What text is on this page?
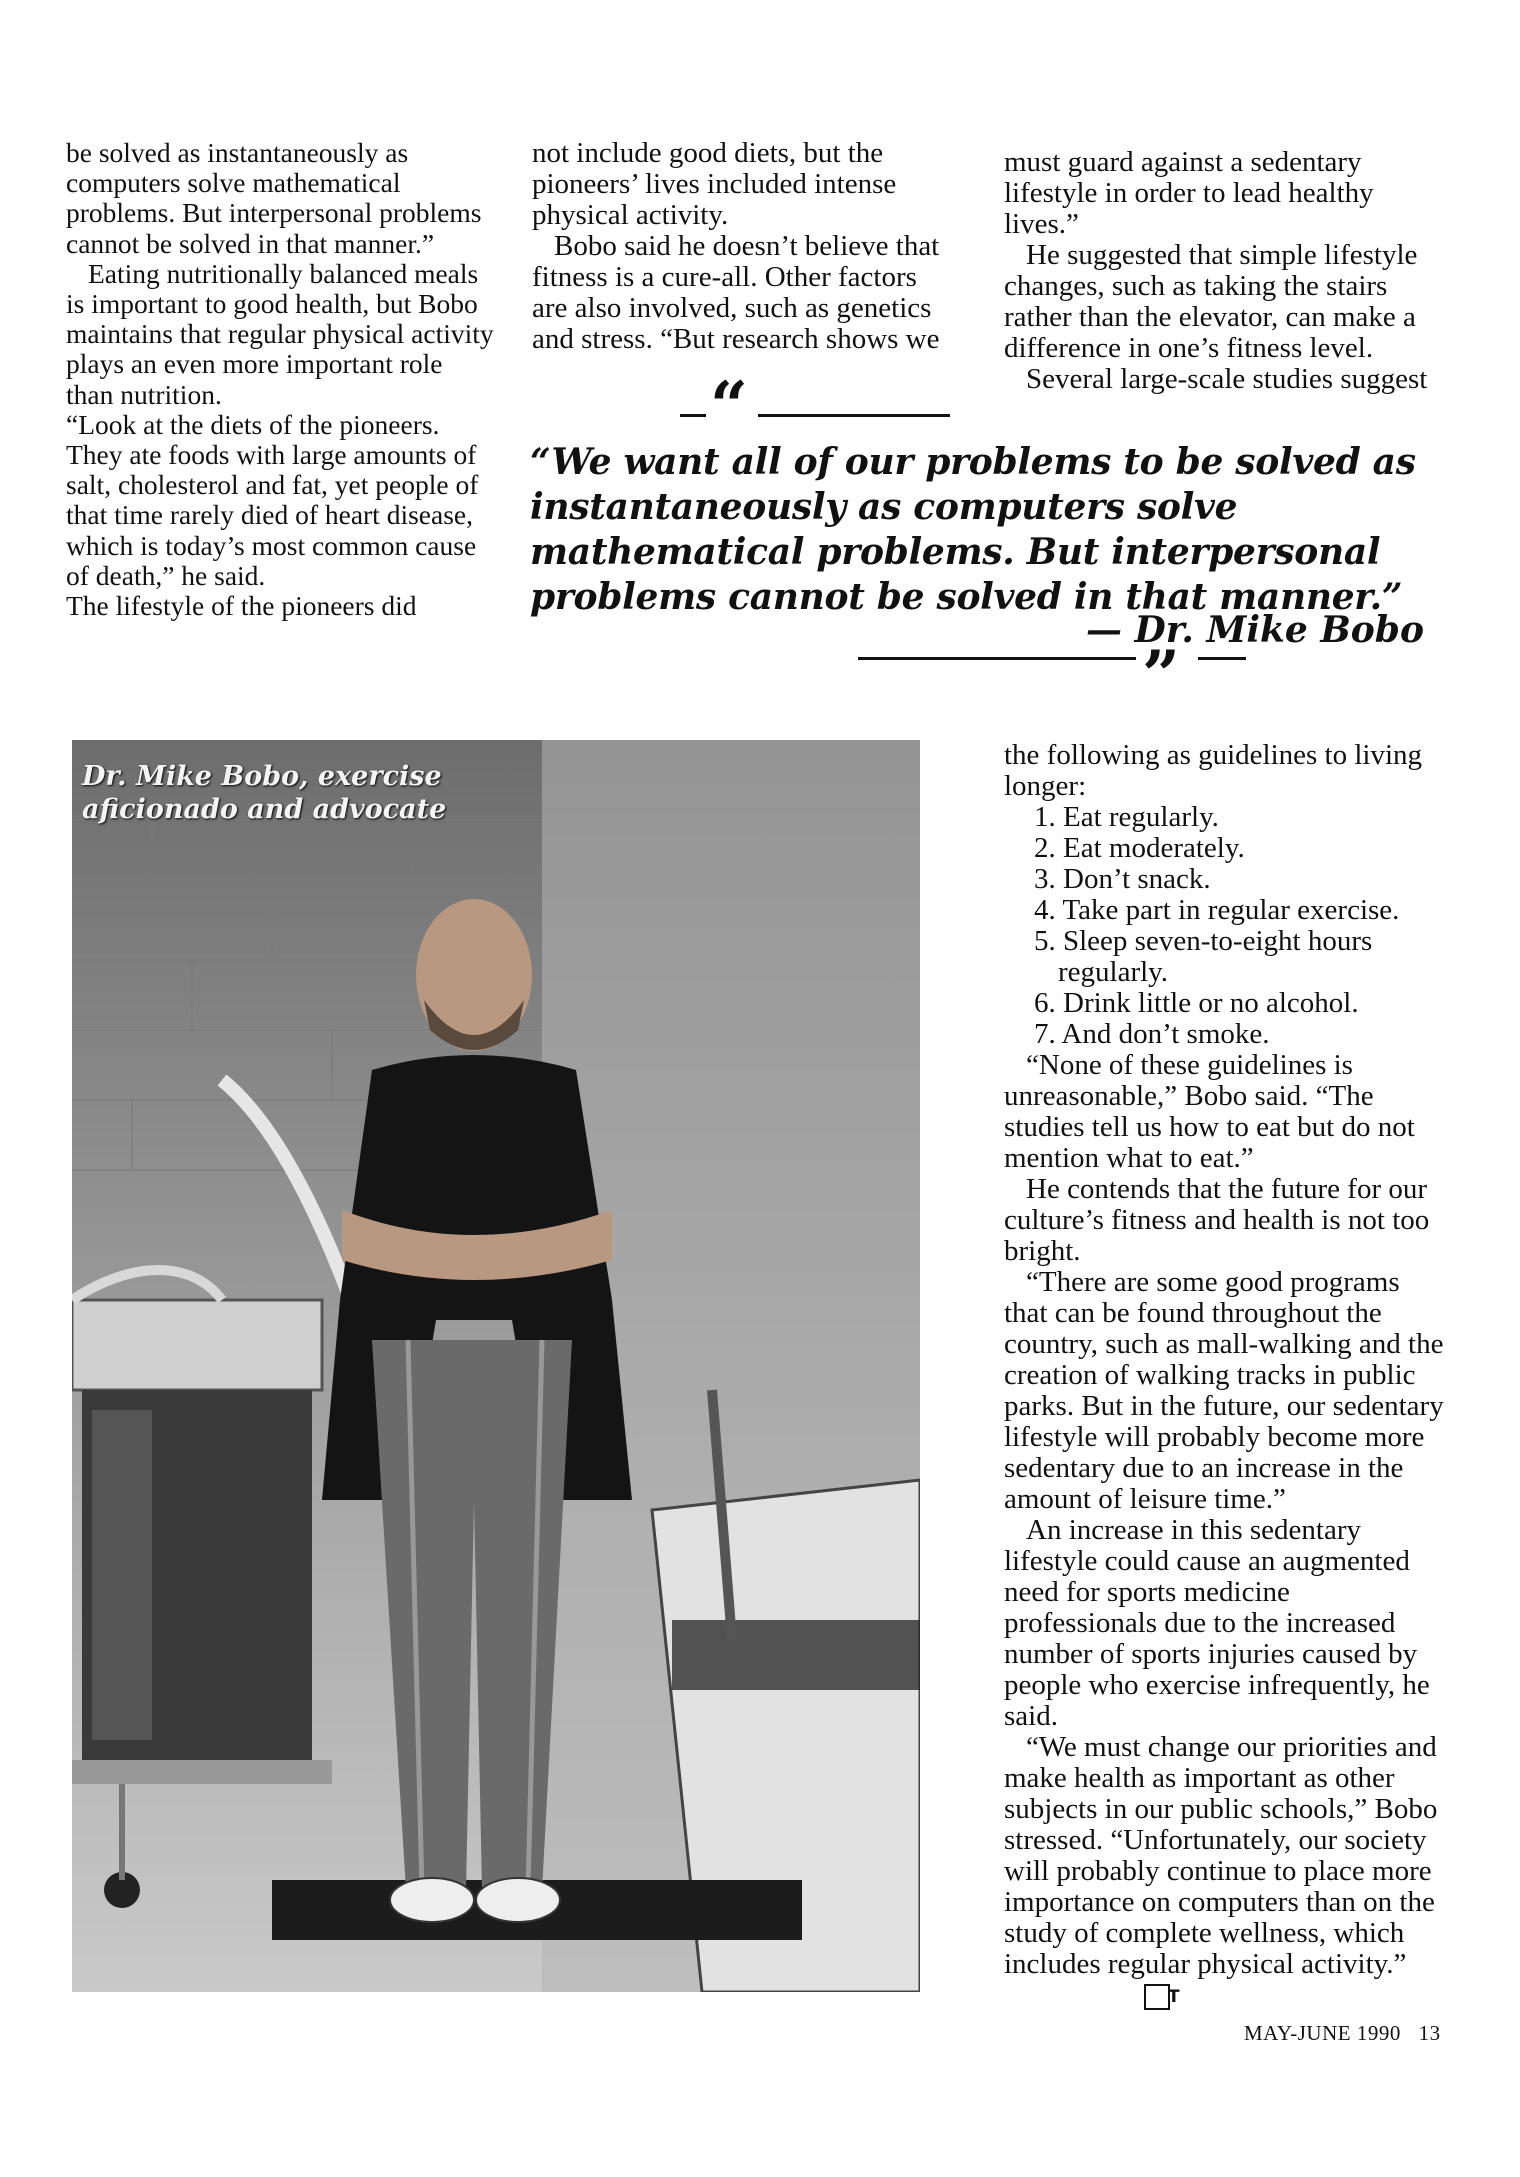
be solved as instantaneously as computers solve mathematical problems. But interpersonal problems cannot be solved in that manner.”

Eating nutritionally balanced meals is important to good health, but Bobo maintains that regular physical activity plays an even more important role than nutrition.

“Look at the diets of the pioneers. They ate foods with large amounts of salt, cholesterol and fat, yet people of that time rarely died of heart disease, which is today’s most common cause of death,” he said.

The lifestyle of the pioneers did

not include good diets, but the pioneers’ lives included intense physical activity.

Bobo said he doesn’t believe that fitness is a cure-all. Other factors are also involved, such as genetics and stress. “But research shows we

“
“We want all of our problems to be solved as instantaneously as computers solve mathematical problems. But interpersonal problems cannot be solved in that manner.”
— Dr. Mike Bobo
”

must guard against a sedentary lifestyle in order to lead healthy lives.”

He suggested that simple lifestyle changes, such as taking the stairs rather than the elevator, can make a difference in one’s fitness level.

Several large-scale studies suggest

the following as guidelines to living longer:

1. Eat regularly.
2. Eat moderately.
3. Don’t snack.
4. Take part in regular exercise.
5. Sleep seven-to-eight hours regularly.
6. Drink little or no alcohol.
7. And don’t smoke.

“None of these guidelines is unreasonable,” Bobo said. “The studies tell us how to eat but do not mention what to eat.”

He contends that the future for our culture’s fitness and health is not too bright.

“There are some good programs that can be found throughout the country, such as mall-walking and the creation of walking tracks in public parks. But in the future, our sedentary lifestyle will probably become more sedentary due to an increase in the amount of leisure time.”

An increase in this sedentary lifestyle could cause an augmented need for sports medicine professionals due to the increased number of sports injuries caused by people who exercise infrequently, he said.

“We must change our priorities and make health as important as other subjects in our public schools,” Bobo stressed. “Unfortunately, our society will probably continue to place more importance on computers than on the study of complete wellness, which includes regular physical activity.” T

Dr. Mike Bobo, exercise aficionado and advocate
MAY-JUNE 1990 13
